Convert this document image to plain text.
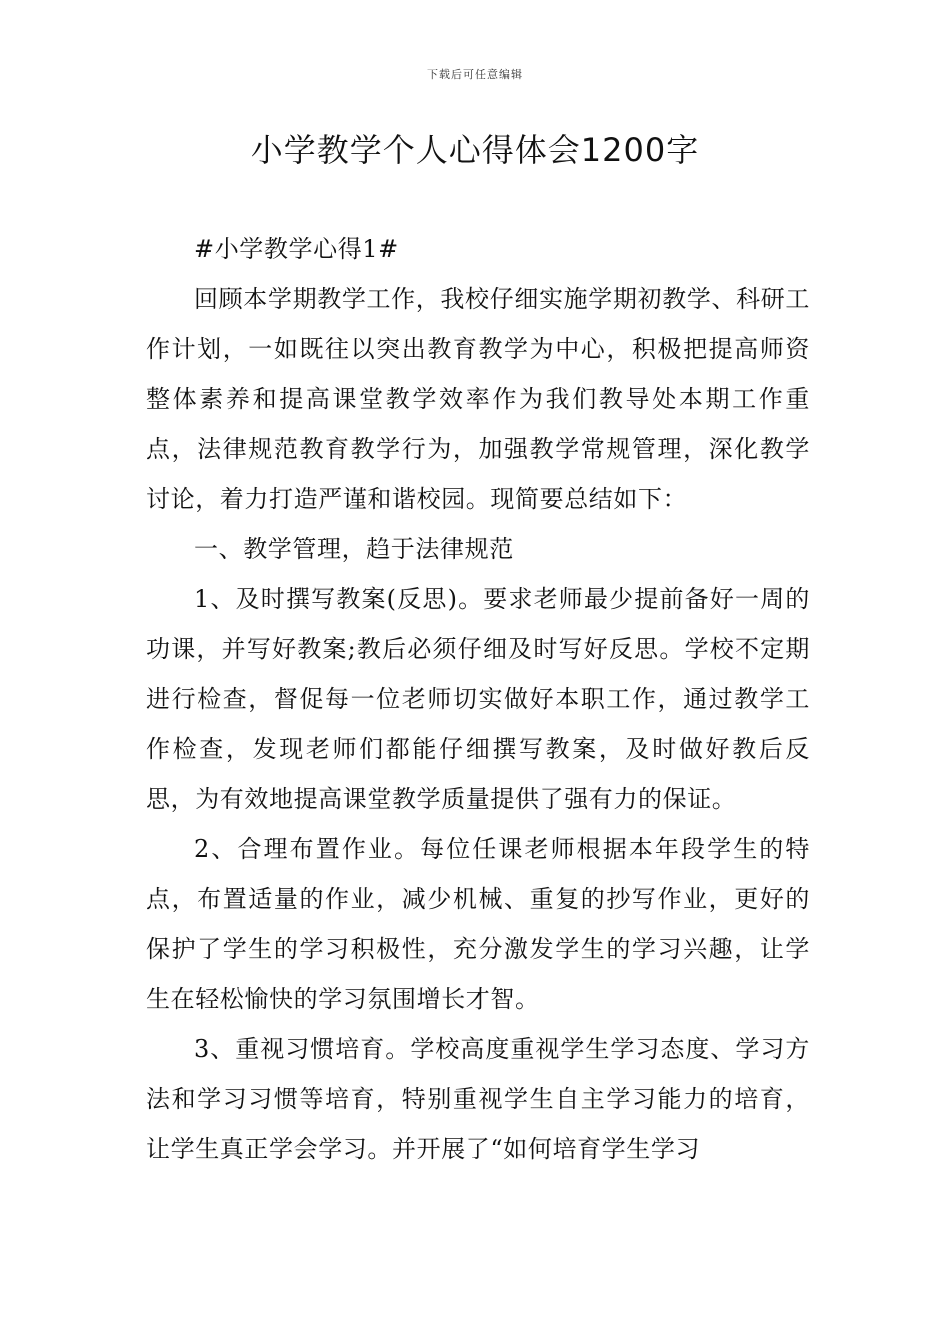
下载后可任意编辑
小学教学个人心得体会1200字

#小学教学心得1#

回顾本学期教学工作，我校仔细实施学期初教学、科研工作计划，一如既往以突出教育教学为中心，积极把提高师资整体素养和提高课堂教学效率作为我们教导处本期工作重点，法律规范教育教学行为，加强教学常规管理，深化教学讨论，着力打造严谨和谐校园。现简要总结如下：

一、教学管理，趋于法律规范

1、及时撰写教案(反思)。要求老师最少提前备好一周的功课，并写好教案;教后必须仔细及时写好反思。学校不定期进行检查，督促每一位老师切实做好本职工作，通过教学工作检查，发现老师们都能仔细撰写教案，及时做好教后反思，为有效地提高课堂教学质量提供了强有力的保证。

2、合理布置作业。每位任课老师根据本年段学生的特点，布置适量的作业，减少机械、重复的抄写作业，更好的保护了学生的学习积极性，充分激发学生的学习兴趣，让学生在轻松愉快的学习氛围增长才智。

3、重视习惯培育。学校高度重视学生学习态度、学习方法和学习习惯等培育，特别重视学生自主学习能力的培育，让学生真正学会学习。并开展了“如何培育学生学习
